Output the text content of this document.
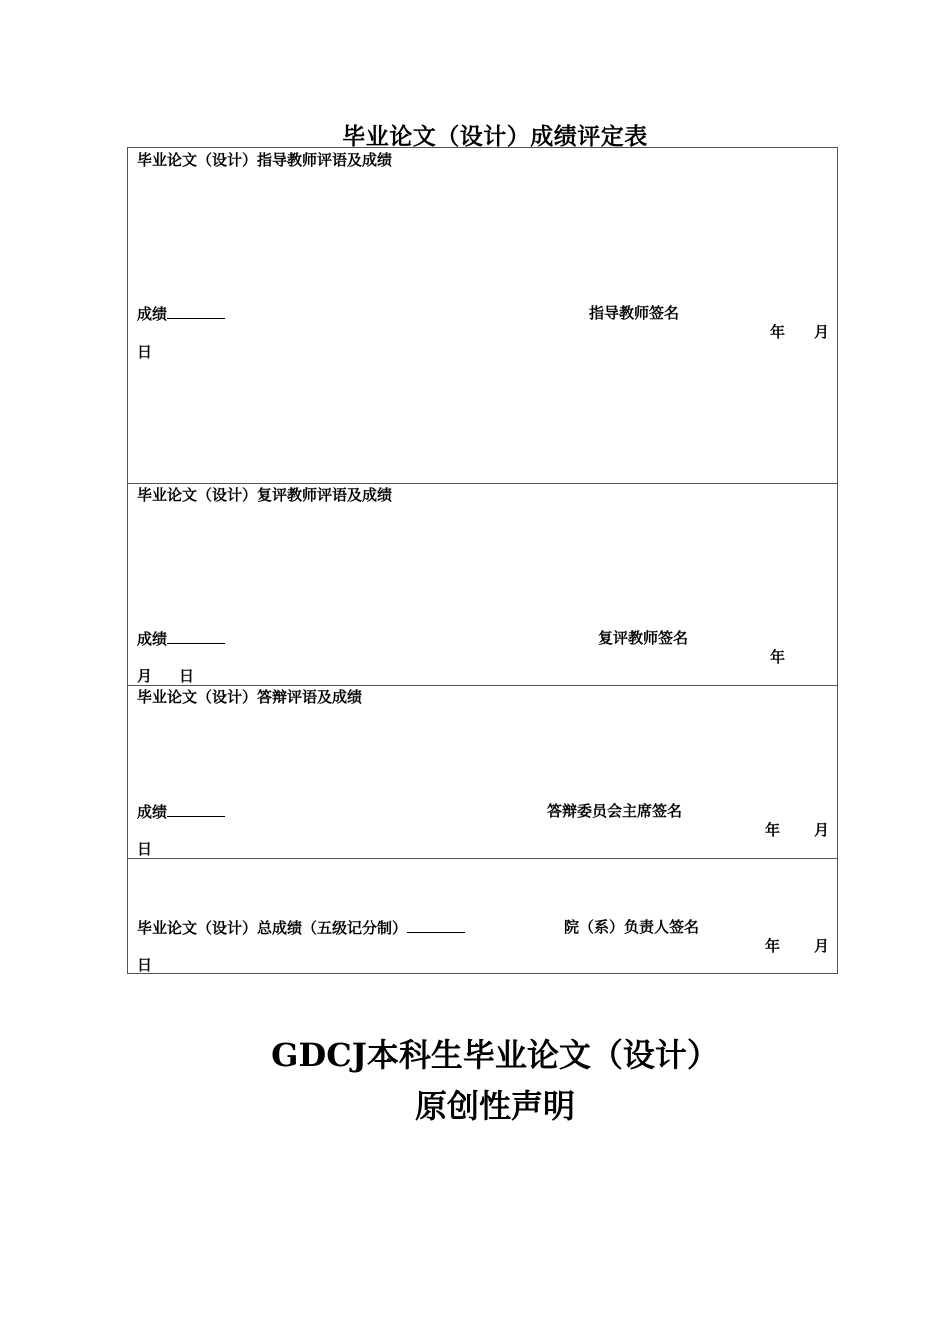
毕业论文（设计）成绩评定表
毕业论文（设计）指导教师评语及成绩
成绩	指导教师签名
年 月
日
毕业论文（设计）复评教师评语及成绩
成绩	复评教师签名
年
月 日
毕业论文（设计）答辩评语及成绩
成绩	答辩委员会主席签名
年 月
日
毕业论文（设计）总成绩（五级记分制）	院（系）负责人签名
年 月
日
GDCJ本科生毕业论文（设计）
原创性声明
